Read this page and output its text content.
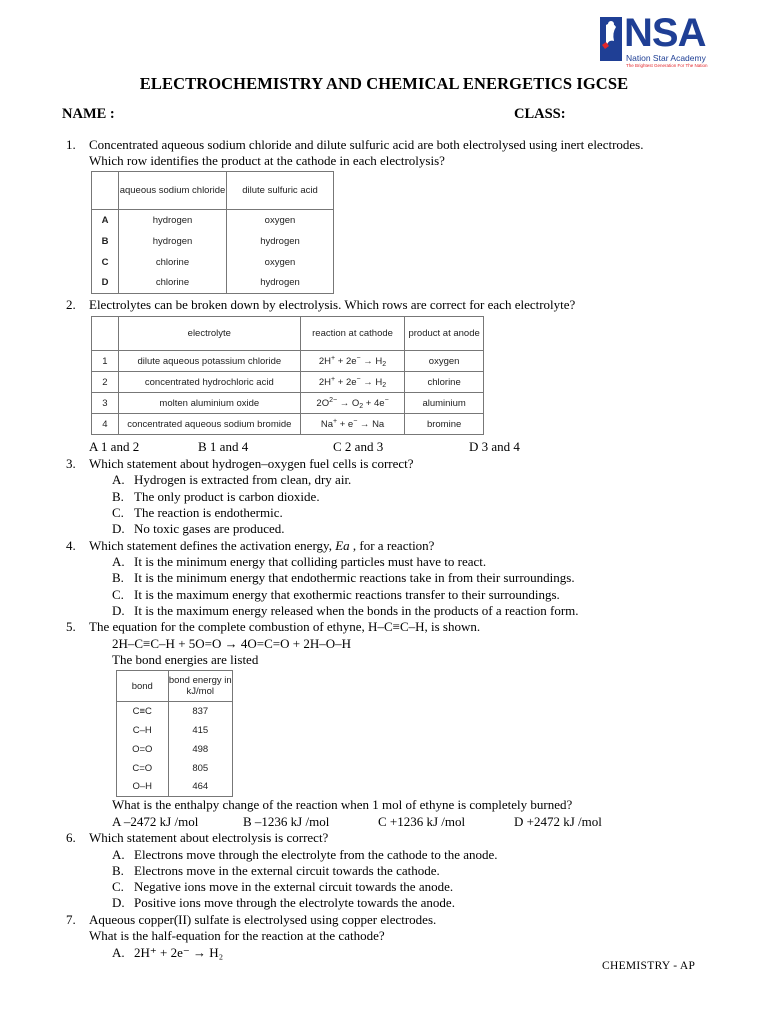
NSA
Nation Star Academy
The Brightest Generation For The Nation
ELECTROCHEMISTRY AND CHEMICAL ENERGETICS IGCSE
NAME :	CLASS:
1. Concentrated aqueous sodium chloride and dilute sulfuric acid are both electrolysed using inert electrodes.
Which row identifies the product at the cathode in each electrolysis?
	aqueous sodium chloride	dilute sulfuric acid
A	hydrogen	oxygen
B	hydrogen	hydrogen
C	chlorine	oxygen
D	chlorine	hydrogen
2. Electrolytes can be broken down by electrolysis. Which rows are correct for each electrolyte?
	electrolyte	reaction at cathode	product at anode
1	dilute aqueous potassium chloride	$2H^+ + 2e^- \to H_2$	oxygen
2	concentrated hydrochloric acid	$2H^+ + 2e^- \to H_2$	chlorine
3	molten aluminium oxide	$2O^{2-} \to O_2 + 4e^-$	aluminium
4	concentrated aqueous sodium bromide	Na+ + e− → Na	bromine
A 1 and 2	B 1 and 4	C 2 and 3	D 3 and 4
3. Which statement about hydrogen–oxygen fuel cells is correct?
A. Hydrogen is extracted from clean, dry air.
B. The only product is carbon dioxide.
C. The reaction is endothermic.
D. No toxic gases are produced.
4. Which statement defines the activation energy, Ea , for a reaction?
A. It is the minimum energy that colliding particles must have to react.
B. It is the minimum energy that endothermic reactions take in from their surroundings.
C. It is the maximum energy that exothermic reactions transfer to their surroundings.
D. It is the maximum energy released when the bonds in the products of a reaction form.
5. The equation for the complete combustion of ethyne, H–C≡C–H, is shown.
2H–C≡C–H + 5O=O → 4O=C=O + 2H–O–H
The bond energies are listed
bond	bond energy in kJ/mol
C≡C	837
C–H	415
O=O	498
C=O	805
O–H	464
What is the enthalpy change of the reaction when 1 mol of ethyne is completely burned?
A –2472 kJ /mol	B –1236 kJ /mol	C +1236 kJ /mol	D +2472 kJ /mol
6. Which statement about electrolysis is correct?
A. Electrons move through the electrolyte from the cathode to the anode.
B. Electrons move in the external circuit towards the cathode.
C. Negative ions move in the external circuit towards the anode.
D. Positive ions move through the electrolyte towards the anode.
7. Aqueous copper(II) sulfate is electrolysed using copper electrodes.
What is the half-equation for the reaction at the cathode?
A. 2H⁺ + 2e⁻ → H₂
CHEMISTRY - AP
